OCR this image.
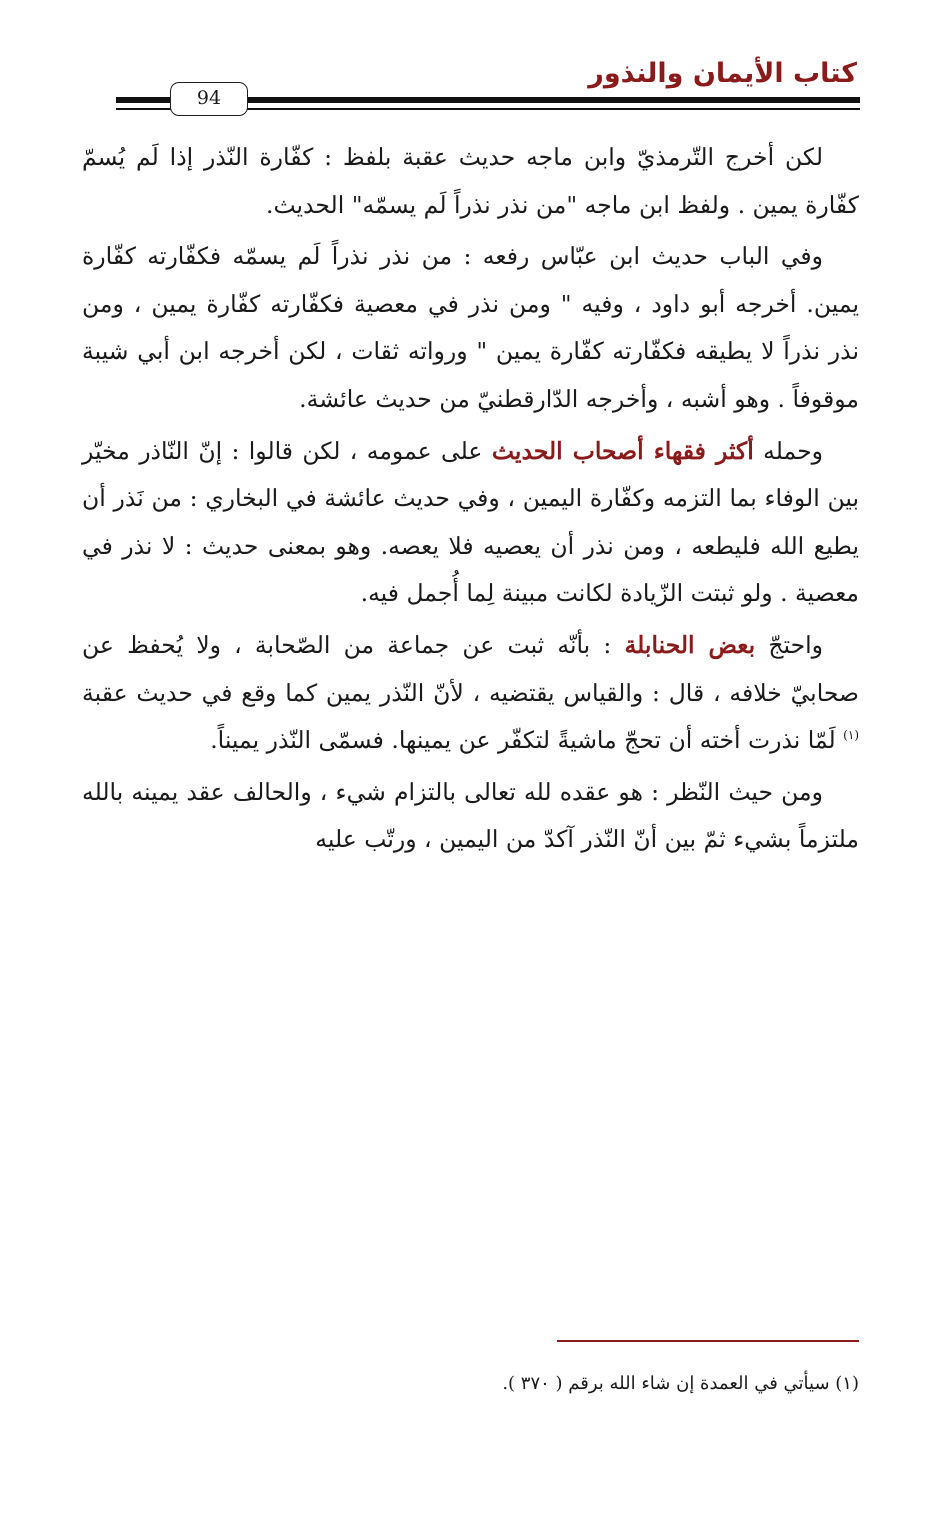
كتاب الأيمان والنذور
94

لكن أخرج التّرمذيّ وابن ماجه حديث عقبة بلفظ : كفّارة النّذر إذا لَم يُسمّ كفّارة يمين . ولفظ ابن ماجه "من نذر نذراً لَم يسمّه" الحديث.

وفي الباب حديث ابن عبّاس رفعه : من نذر نذراً لَم يسمّه فكفّارته كفّارة يمين. أخرجه أبو داود ، وفيه " ومن نذر في معصية فكفّارته كفّارة يمين ، ومن نذر نذراً لا يطيقه فكفّارته كفّارة يمين " ورواته ثقات ، لكن أخرجه ابن أبي شيبة موقوفاً . وهو أشبه ، وأخرجه الدّارقطنيّ من حديث عائشة.

وحمله أكثر فقهاء أصحاب الحديث على عمومه ، لكن قالوا : إنّ النّاذر مخيّر بين الوفاء بما التزمه وكفّارة اليمين ، وفي حديث عائشة في البخاري : من نَذر أن يطيع الله فليطعه ، ومن نذر أن يعصيه فلا يعصه. وهو بمعنى حديث : لا نذر في معصية . ولو ثبتت الزّيادة لكانت مبينة لِما أُجمل فيه.

واحتجّ بعض الحنابلة : بأنّه ثبت عن جماعة من الصّحابة ، ولا يُحفظ عن صحابيّ خلافه ، قال : والقياس يقتضيه ، لأنّ النّذر يمين كما وقع في حديث عقبة $^{(١)}$ لَمّا نذرت أخته أن تحجّ ماشيةً لتكفّر عن يمينها. فسمّى النّذر يميناً.

ومن حيث النّظر : هو عقده لله تعالى بالتزام شيء ، والحالف عقد يمينه بالله ملتزماً بشيء ثمّ بين أنّ النّذر آكدّ من اليمين ، ورتّب عليه

(١) سيأتي في العمدة إن شاء الله برقم ( ٣٧٠ ).
